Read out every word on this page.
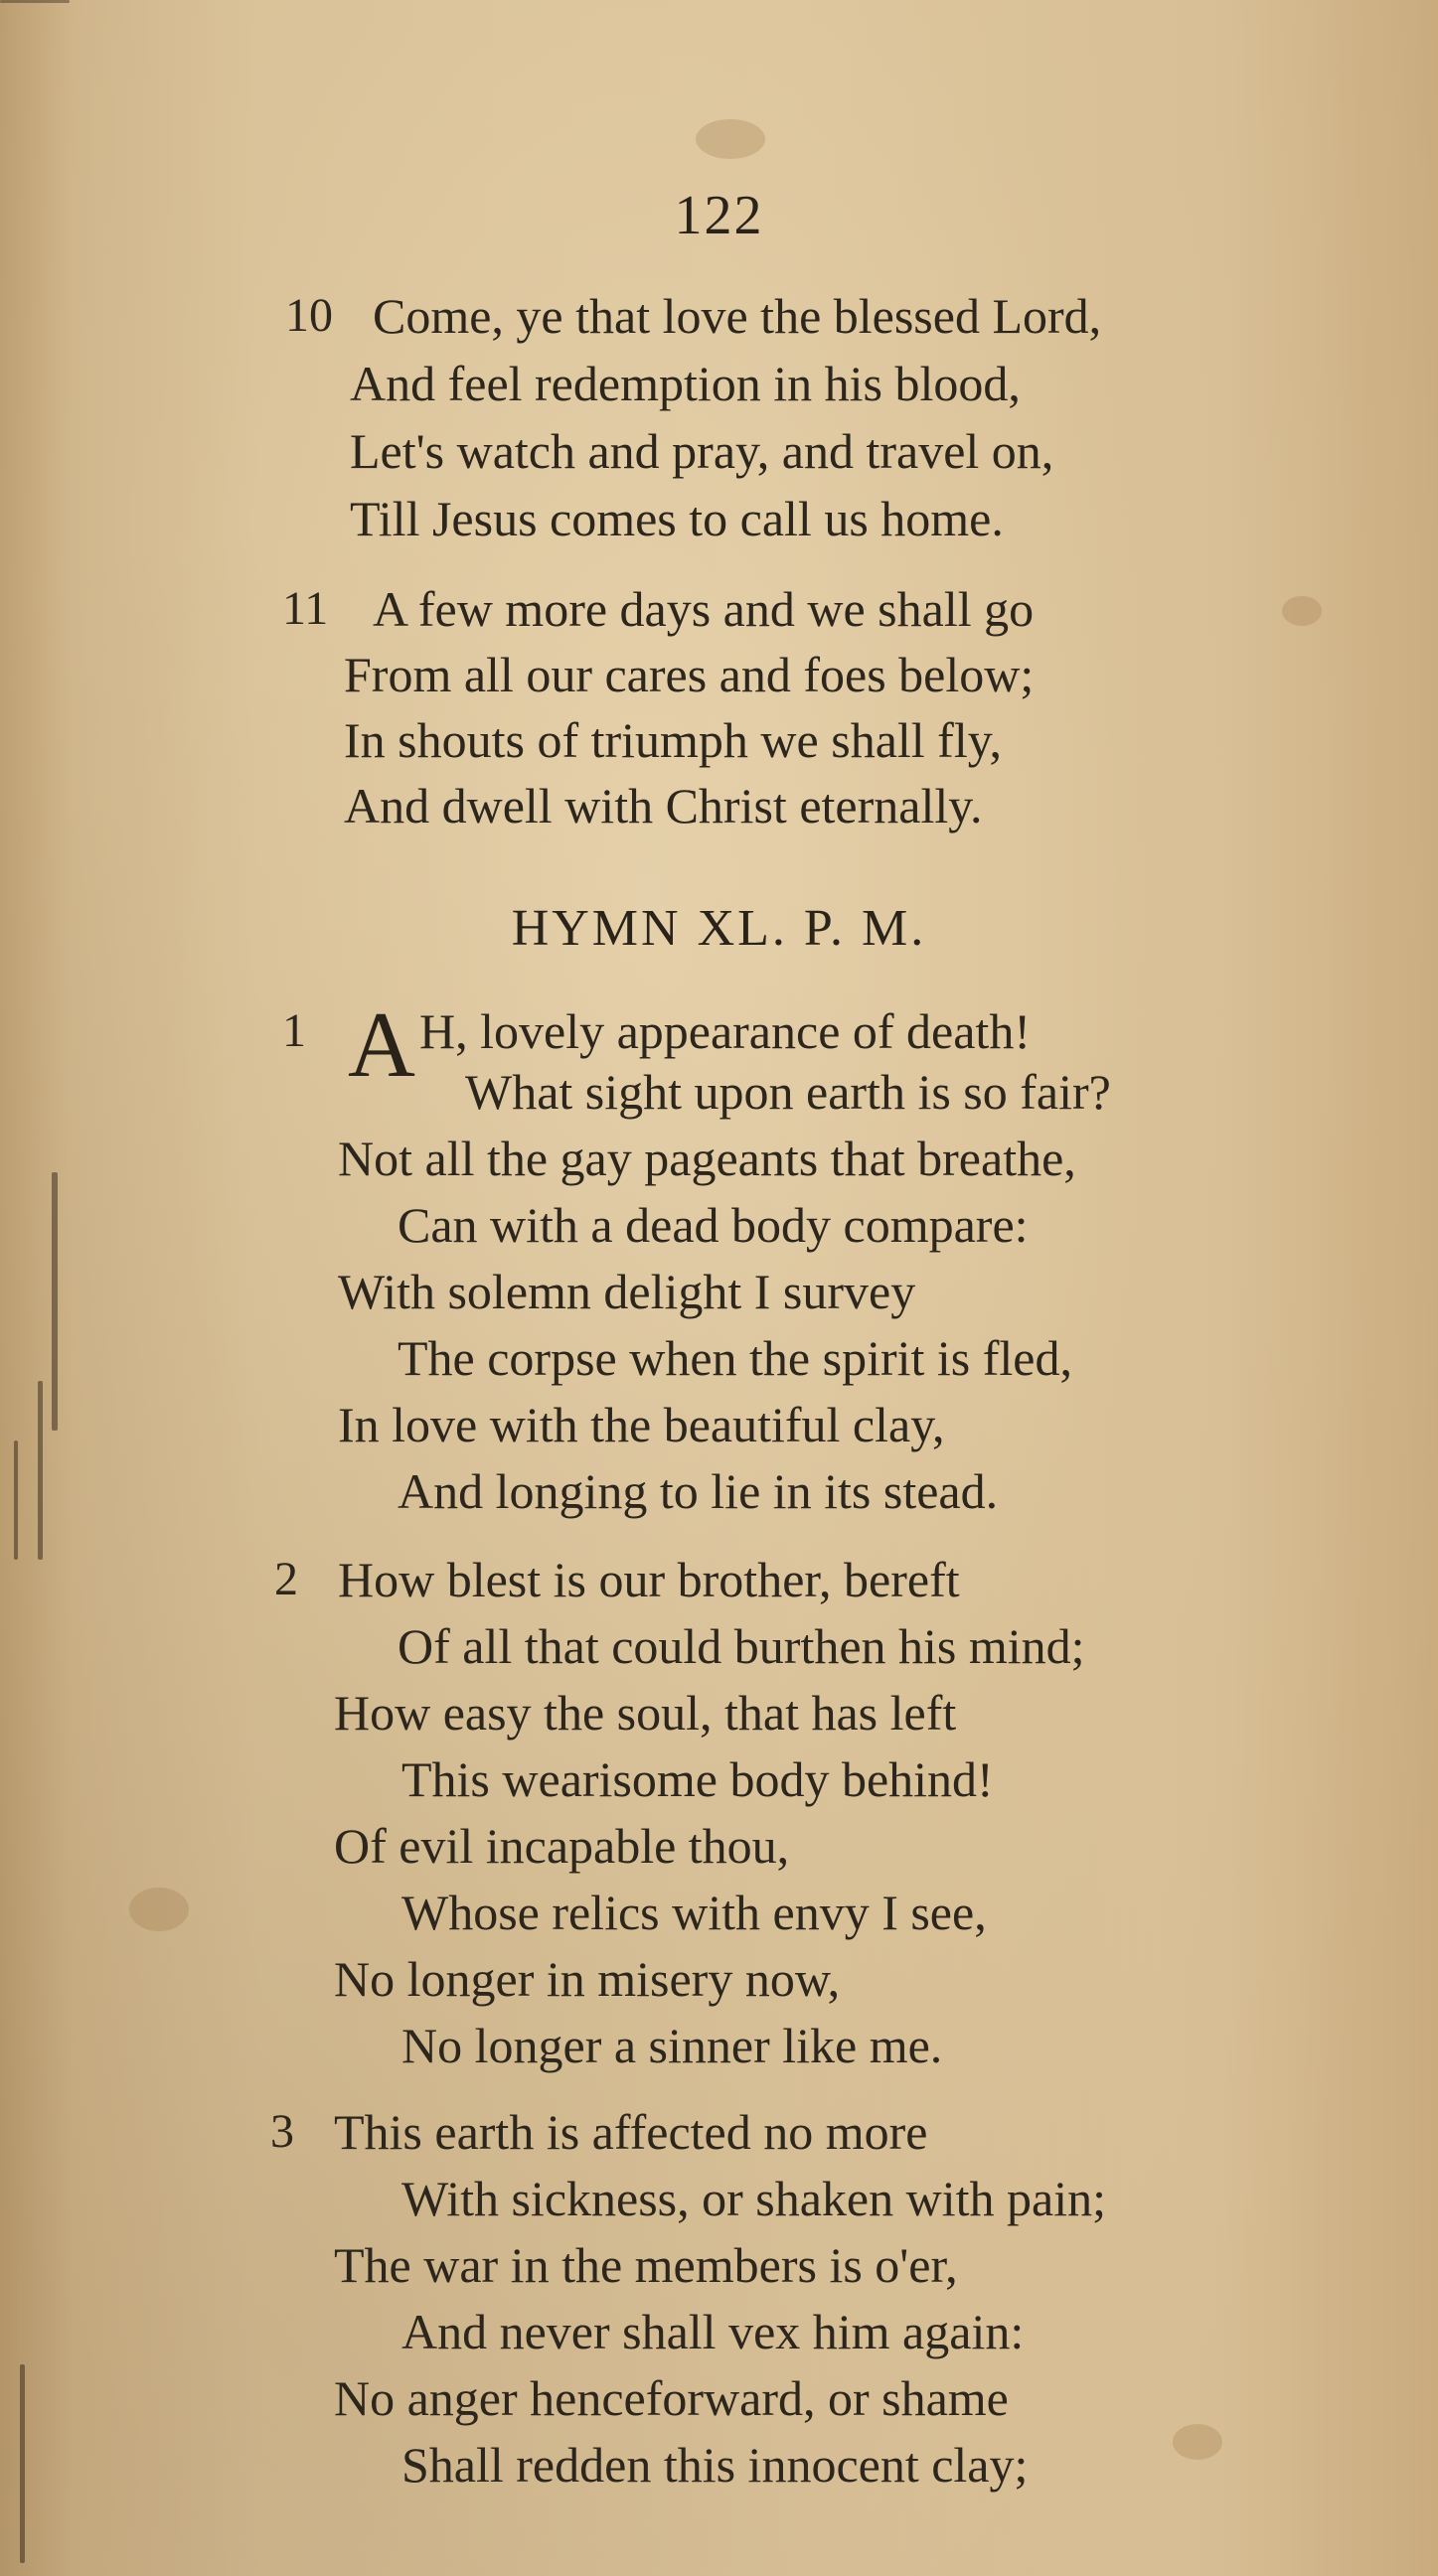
122
10 Come, ye that love the blessed Lord,
And feel redemption in his blood,
Let's watch and pray, and travel on,
Till Jesus comes to call us home.
11 A few more days and we shall go
From all our cares and foes below;
In shouts of triumph we shall fly,
And dwell with Christ eternally.
HYMN XL. P. M.
1 A H, lovely appearance of death!
What sight upon earth is so fair?
Not all the gay pageants that breathe,
Can with a dead body compare:
With solemn delight I survey
The corpse when the spirit is fled,
In love with the beautiful clay,
And longing to lie in its stead.
2 How blest is our brother, bereft
Of all that could burthen his mind;
How easy the soul, that has left
This wearisome body behind!
Of evil incapable thou,
Whose relics with envy I see,
No longer in misery now,
No longer a sinner like me.
3 This earth is affected no more
With sickness, or shaken with pain;
The war in the members is o'er,
And never shall vex him again:
No anger henceforward, or shame
Shall redden this innocent clay;
